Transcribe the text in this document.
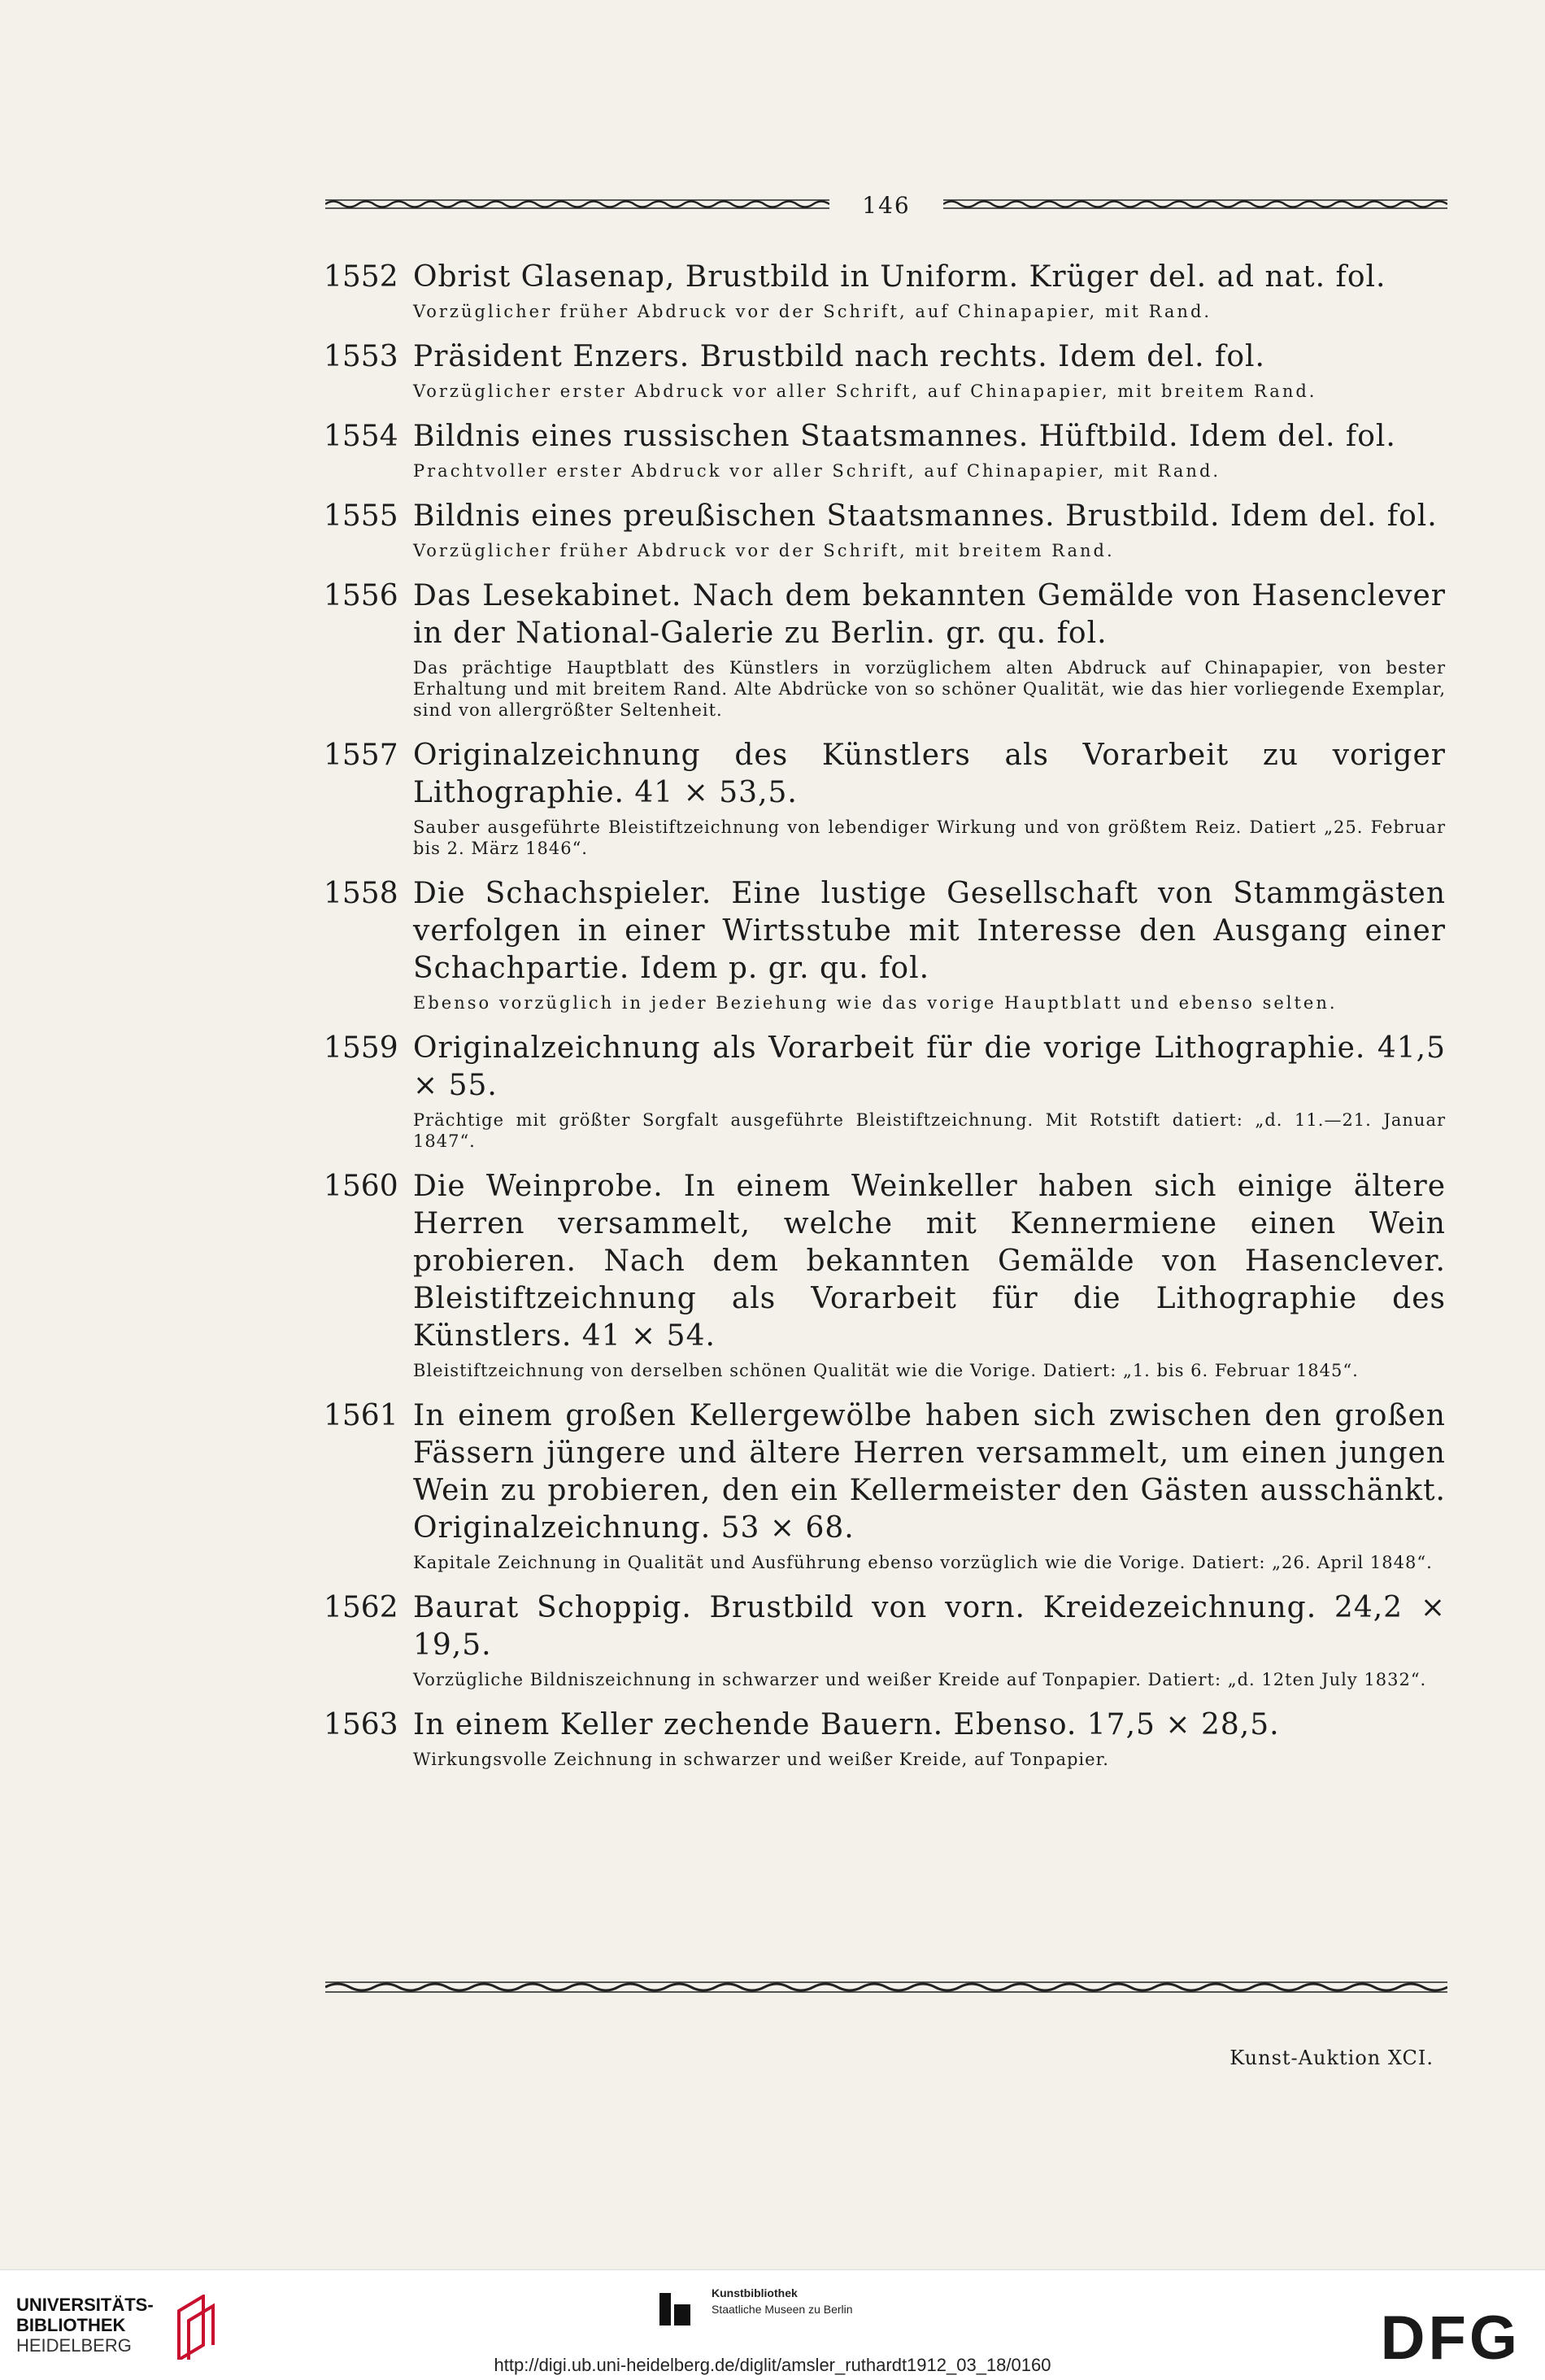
146
1552 Obrist Glasenap, Brustbild in Uniform. Krüger del. ad nat. fol.
Vorzüglicher früher Abdruck vor der Schrift, auf Chinapapier, mit Rand.
1553 Präsident Enzers. Brustbild nach rechts. Idem del. fol.
Vorzüglicher erster Abdruck vor aller Schrift, auf Chinapapier, mit breitem Rand.
1554 Bildnis eines russischen Staatsmannes. Hüftbild. Idem del. fol.
Prachtvoller erster Abdruck vor aller Schrift, auf Chinapapier, mit Rand.
1555 Bildnis eines preußischen Staatsmannes. Brustbild. Idem del. fol.
Vorzüglicher früher Abdruck vor der Schrift, mit breitem Rand.
1556 Das Lesekabinet. Nach dem bekannten Gemälde von Hasenclever in der National-Galerie zu Berlin. gr. qu. fol.
Das prächtige Hauptblatt des Künstlers in vorzüglichem alten Abdruck auf Chinapapier, von bester Erhaltung und mit breitem Rand. Alte Abdrücke von so schöner Qualität, wie das hier vorliegende Exemplar, sind von allergrößter Seltenheit.
1557 Originalzeichnung des Künstlers als Vorarbeit zu voriger Lithographie. 41 × 53,5.
Sauber ausgeführte Bleistiftzeichnung von lebendiger Wirkung und von größtem Reiz. Datiert „25. Februar bis 2. März 1846“.
1558 Die Schachspieler. Eine lustige Gesellschaft von Stammgästen verfolgen in einer Wirtsstube mit Interesse den Ausgang einer Schachpartie. Idem p. gr. qu. fol.
Ebenso vorzüglich in jeder Beziehung wie das vorige Hauptblatt und ebenso selten.
1559 Originalzeichnung als Vorarbeit für die vorige Lithographie. 41,5 × 55.
Prächtige mit größter Sorgfalt ausgeführte Bleistiftzeichnung. Mit Rotstift datiert: „d. 11.—21. Januar 1847“.
1560 Die Weinprobe. In einem Weinkeller haben sich einige ältere Herren versammelt, welche mit Kennermiene einen Wein probieren. Nach dem bekannten Gemälde von Hasenclever. Bleistiftzeichnung als Vorarbeit für die Lithographie des Künstlers. 41 × 54.
Bleistiftzeichnung von derselben schönen Qualität wie die Vorige. Datiert: „1. bis 6. Februar 1845“.
1561 In einem großen Kellergewölbe haben sich zwischen den großen Fässern jüngere und ältere Herren versammelt, um einen jungen Wein zu probieren, den ein Kellermeister den Gästen ausschänkt. Originalzeichnung. 53 × 68.
Kapitale Zeichnung in Qualität und Ausführung ebenso vorzüglich wie die Vorige. Datiert: „26. April 1848“.
1562 Baurat Schoppig. Brustbild von vorn. Kreidezeichnung. 24,2 × 19,5.
Vorzügliche Bildniszeichnung in schwarzer und weißer Kreide auf Tonpapier. Datiert: „d. 12ten July 1832“.
1563 In einem Keller zechende Bauern. Ebenso. 17,5 × 28,5.
Wirkungsvolle Zeichnung in schwarzer und weißer Kreide, auf Tonpapier.
Kunst-Auktion XCI.
UNIVERSITÄTS-
BIBLIOTHEK
HEIDELBERG
Kunstbibliothek
Staatliche Museen zu Berlin	DFG
http://digi.ub.uni-heidelberg.de/diglit/amsler_ruthardt1912_03_18/0160
